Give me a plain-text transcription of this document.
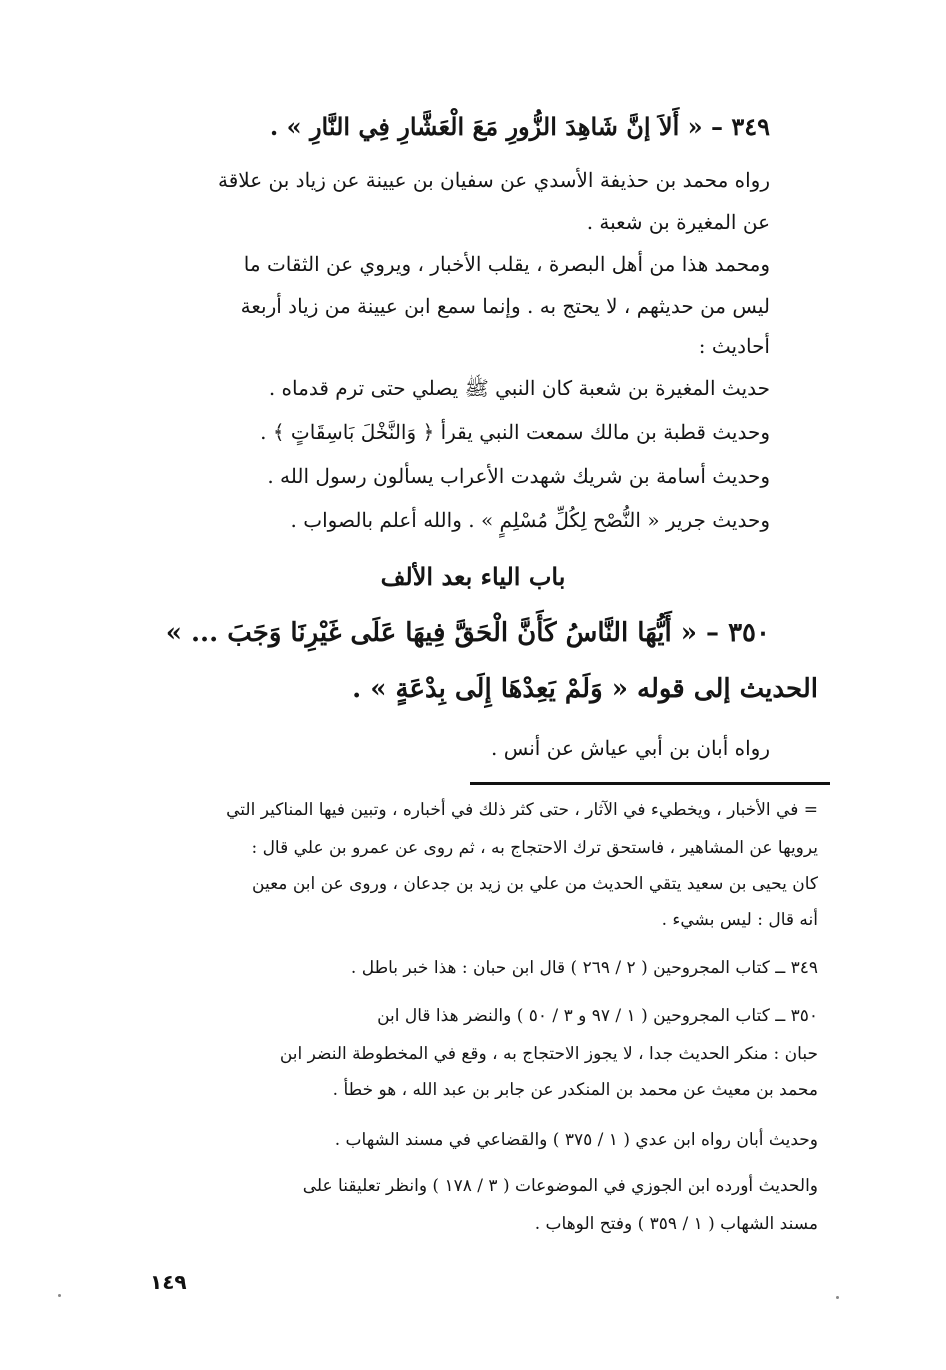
٣٤٩ – « أَلاَ إنَّ شَاهِدَ الزُّورِ مَعَ الْعَشَّارِ فِي النَّارِ » .
رواه محمد بن حذيفة الأسدي عن سفيان بن عيينة عن زياد بن علاقة
عن المغيرة بن شعبة .
ومحمد هذا من أهل البصرة ، يقلب الأخبار ، ويروي عن الثقات ما
ليس من حديثهم ، لا يحتج به . وإنما سمع ابن عيينة من زياد أربعة
أحاديث :
حديث المغيرة بن شعبة كان النبي ﷺ يصلي حتى ترم قدماه .
وحديث قطبة بن مالك سمعت النبي يقرأ ﴿ وَالنَّخْلَ بَاسِقَاتٍ ﴾ .
وحديث أسامة بن شريك شهدت الأعراب يسألون رسول الله .
وحديث جرير « النُّصْح لِكُلِّ مُسْلِمٍ » . والله أعلم بالصواب .
باب الياء بعد الألف
٣٥٠ – « أَيُّهَا النَّاسُ كَأَنَّ الْحَقَّ فِيهَا عَلَى غَيْرِنَا وَجَبَ ... »
الحديث إلى قوله « وَلَمْ يَعِدْهَا إِلَى بِدْعَةٍ » .
رواه أبان بن أبي عياش عن أنس .
= في الأخبار ، ويخطيء في الآثار ، حتى كثر ذلك في أخباره ، وتبين فيها المناكير التي
يرويها عن المشاهير ، فاستحق ترك الاحتجاج به ، ثم روى عن عمرو بن علي قال :
كان يحيى بن سعيد يتقي الحديث من علي بن زيد بن جدعان ، وروى عن ابن معين
أنه قال : ليس بشيء .
٣٤٩ ــ كتاب المجروحين ( ٢ / ٢٦٩ ) قال ابن حبان : هذا خبر باطل .
٣٥٠ ــ كتاب المجروحين ( ١ / ٩٧ و ٣ / ٥٠ ) والنضر هذا قال ابن
حبان : منكر الحديث جدا ، لا يجوز الاحتجاج به ، وقع في المخطوطة النضر ابن
محمد بن معيث عن محمد بن المنكدر عن جابر بن عبد الله ، هو خطأ .
وحديث أبان رواه ابن عدي ( ١ / ٣٧٥ ) والقضاعي في مسند الشهاب .
والحديث أورده ابن الجوزي في الموضوعات ( ٣ / ١٧٨ ) وانظر تعليقنا على
مسند الشهاب ( ١ / ٣٥٩ ) وفتح الوهاب .
١٤٩
